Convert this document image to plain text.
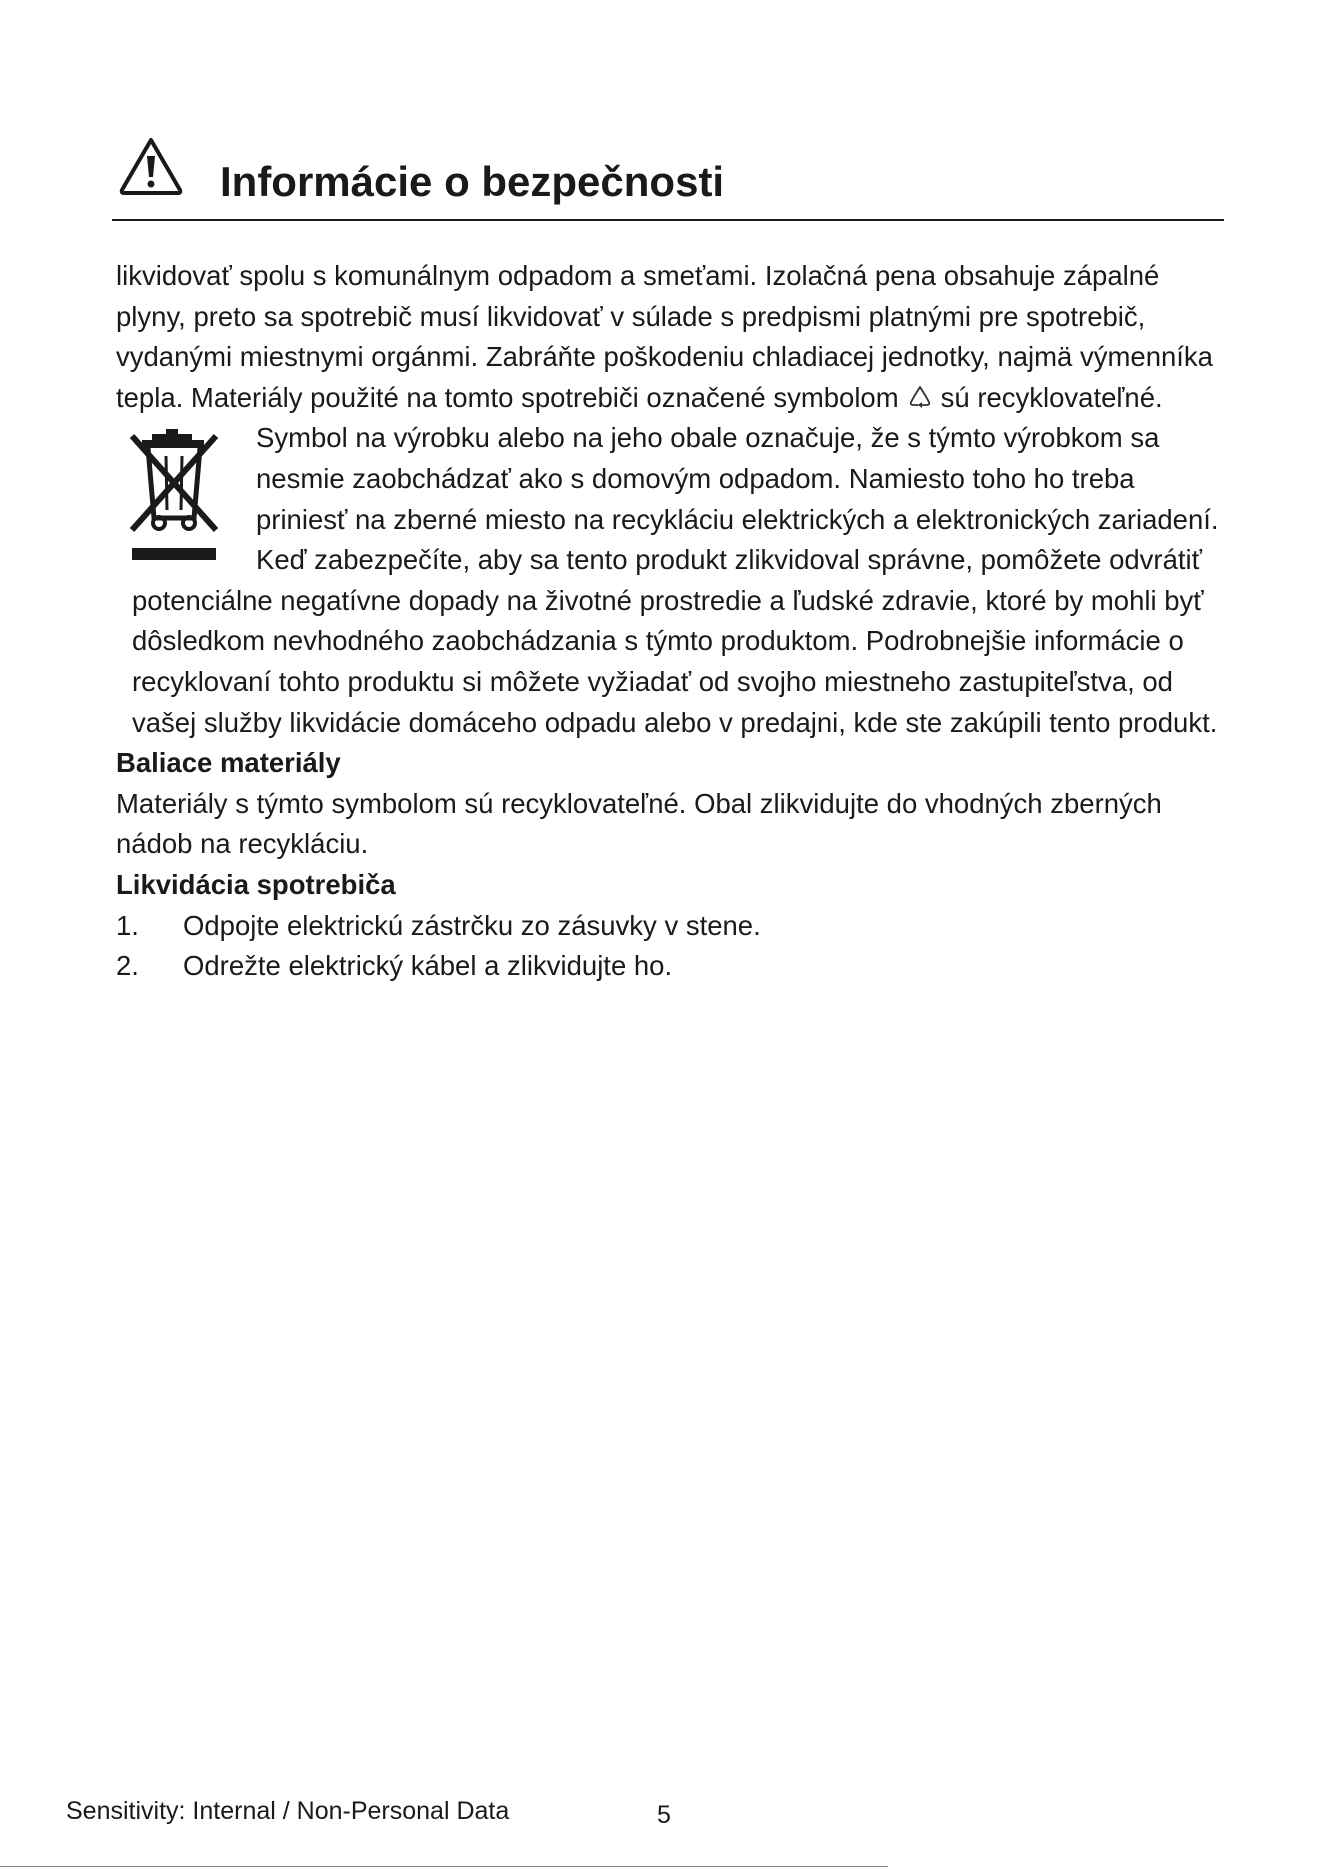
Informácie o bezpečnosti

likvidovať spolu s komunálnym odpadom a smeťami. Izolačná pena obsahuje zápalné plyny, preto sa spotrebič musí likvidovať v súlade s predpismi platnými pre spotrebič, vydanými miestnymi orgánmi. Zabráňte poškodeniu chladiacej jednotky, najmä výmenníka tepla. Materiály použité na tomto spotrebiči označené symbolom sú recyklovateľné.

Symbol na výrobku alebo na jeho obale označuje, že s týmto výrobkom sa nesmie zaobchádzať ako s domovým odpadom. Namiesto toho ho treba priniesť na zberné miesto na recykláciu elektrických a elektronických zariadení. Keď zabezpečíte, aby sa tento produkt zlikvidoval správne, pomôžete odvrátiť potenciálne negatívne dopady na životné prostredie a ľudské zdravie, ktoré by mohli byť dôsledkom nevhodného zaobchádzania s týmto produktom. Podrobnejšie informácie o recyklovaní tohto produktu si môžete vyžiadať od svojho miestneho zastupiteľstva, od vašej služby likvidácie domáceho odpadu alebo v predajni, kde ste zakúpili tento produkt.

Baliace materiály

Materiály s týmto symbolom sú recyklovateľné. Obal zlikvidujte do vhodných zberných nádob na recykláciu.

Likvidácia spotrebiča

1.	Odpojte elektrickú zástrčku zo zásuvky v stene.
2.	Odrežte elektrický kábel a zlikvidujte ho.
Sensitivity: Internal / Non-Personal Data	5
